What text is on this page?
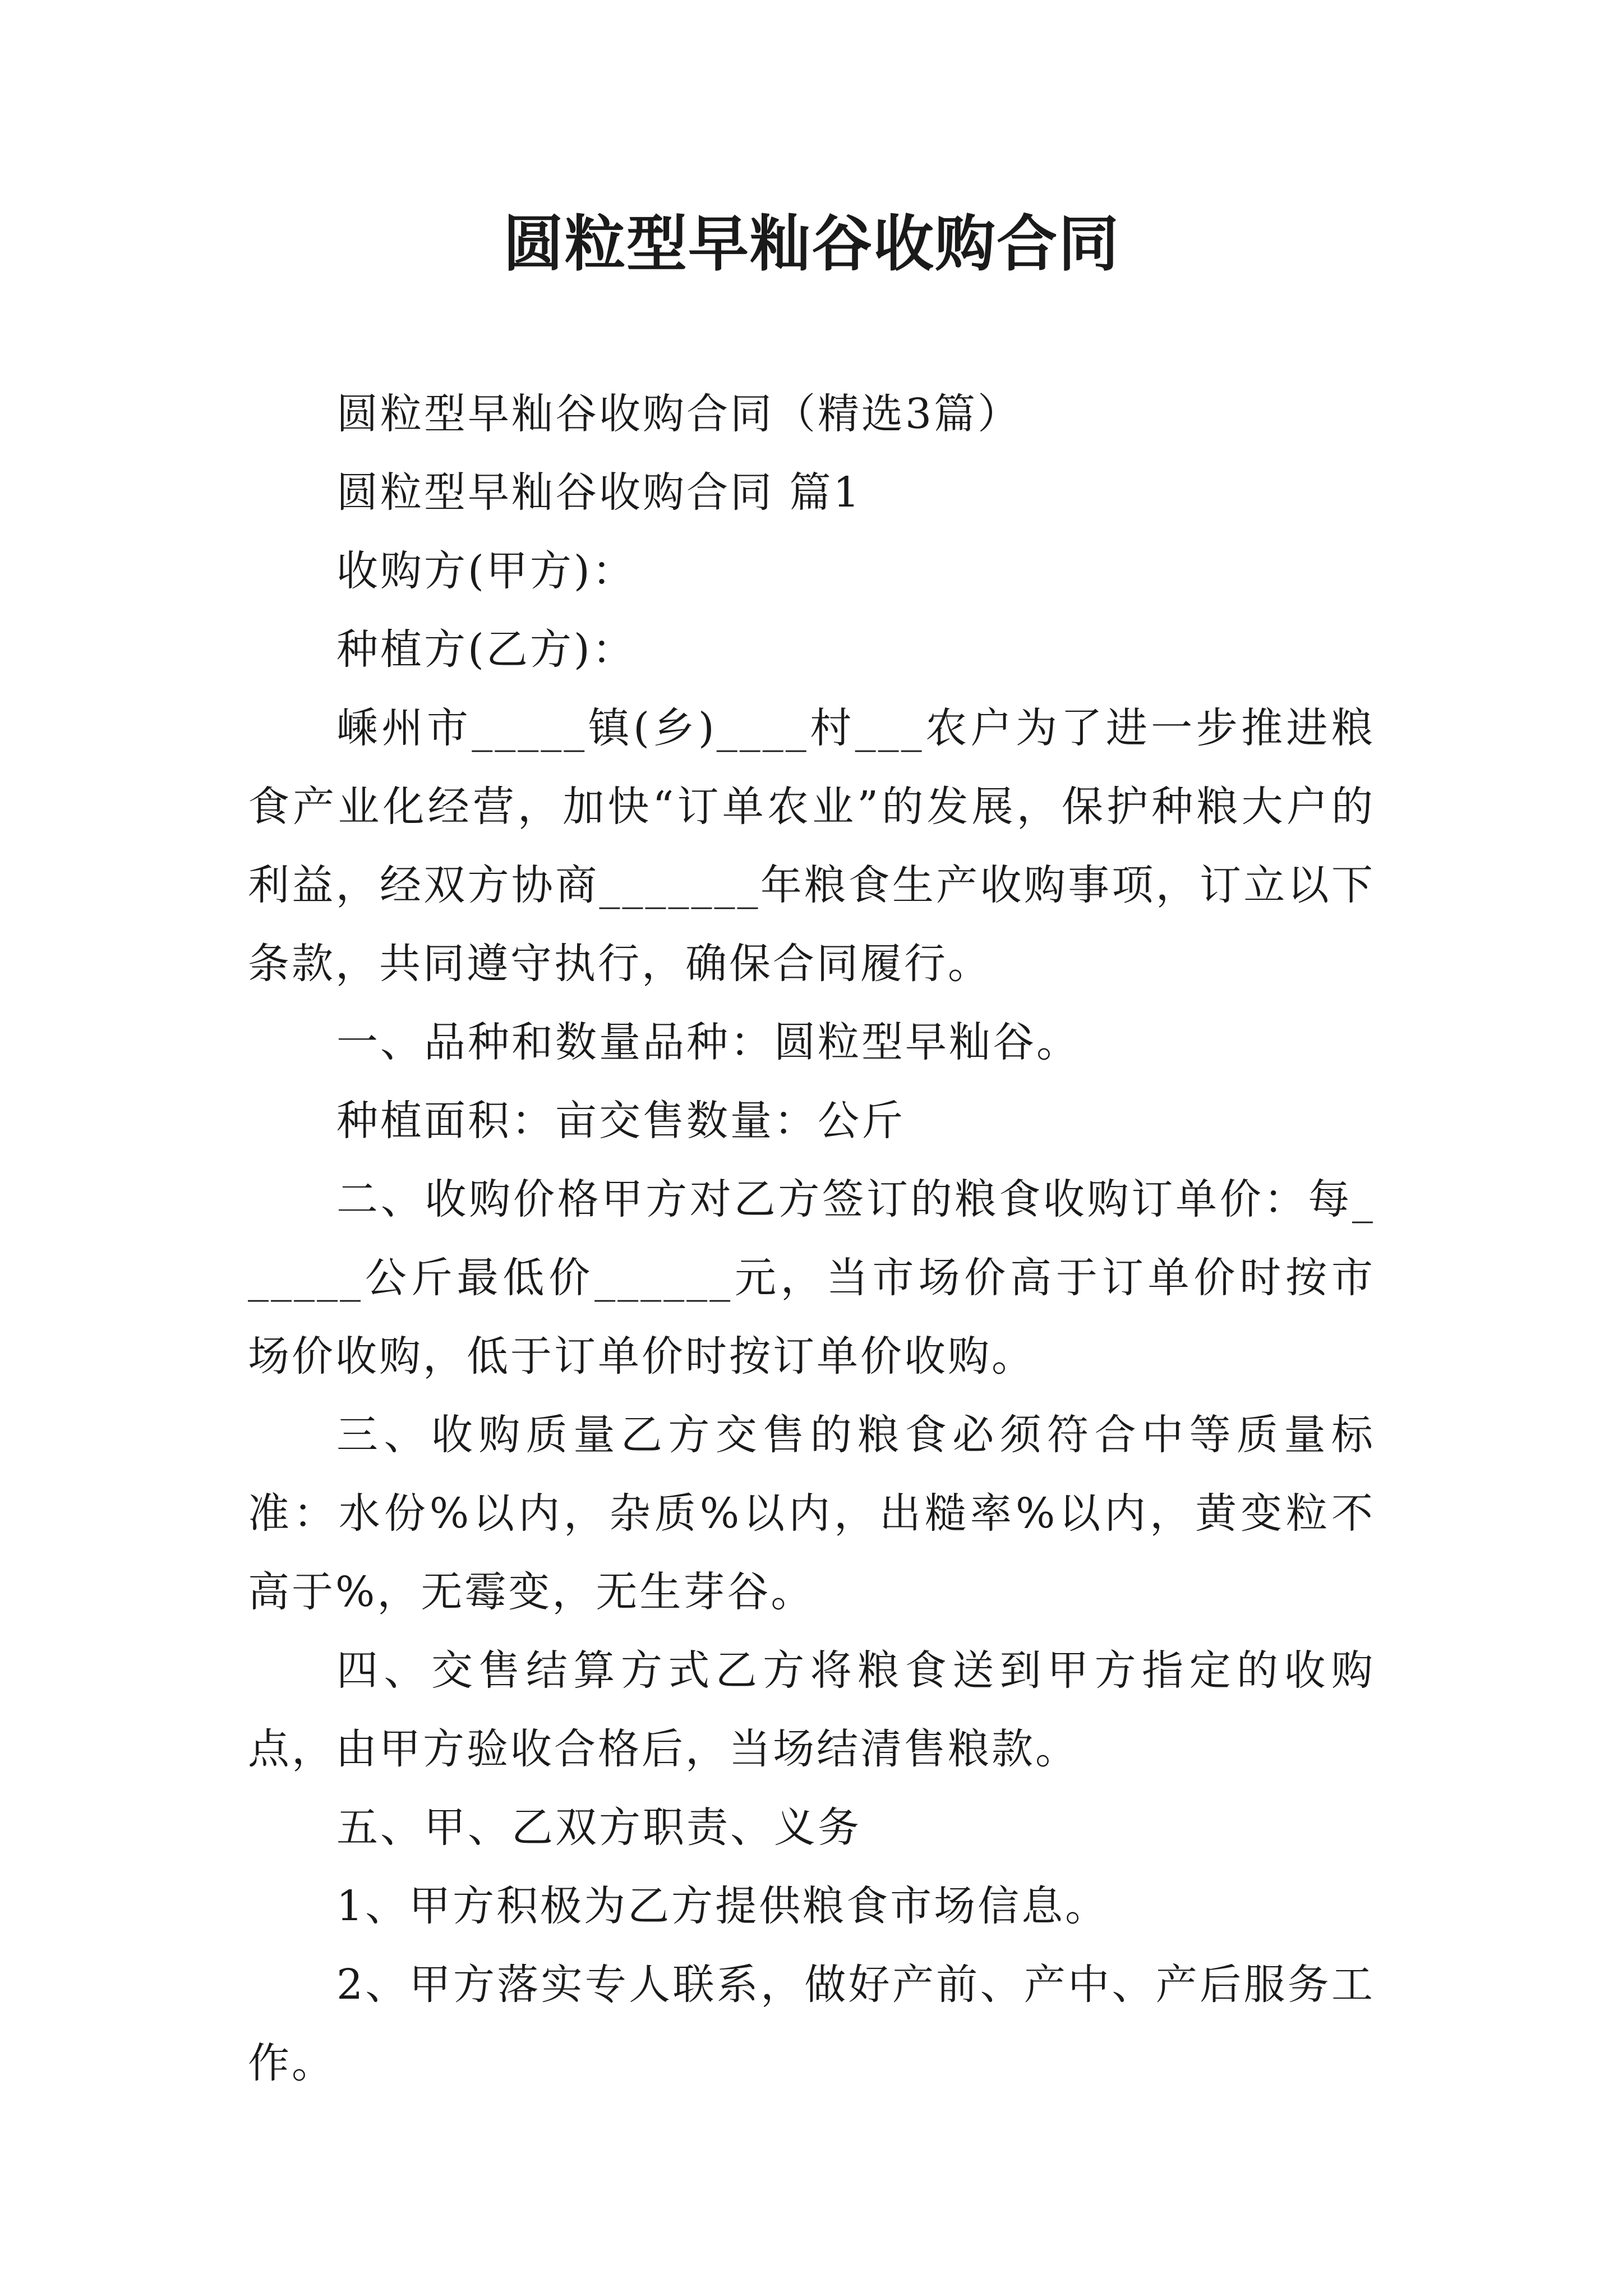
圆粒型早籼谷收购合同

圆粒型早籼谷收购合同（精选3篇）

圆粒型早籼谷收购合同 篇1

收购方(甲方)：

种植方(乙方)：

嵊州市_____镇(乡)____村___农户为了进一步推进粮食产业化经营，加快“订单农业”的发展，保护种粮大户的利益，经双方协商_______年粮食生产收购事项，订立以下条款，共同遵守执行，确保合同履行。

一、品种和数量品种：圆粒型早籼谷。

种植面积：亩交售数量：公斤

二、收购价格甲方对乙方签订的粮食收购订单价：每______公斤最低价______元，当市场价高于订单价时按市场价收购，低于订单价时按订单价收购。

三、收购质量乙方交售的粮食必须符合中等质量标准：水份%以内，杂质%以内，出糙率%以内，黄变粒不高于%，无霉变，无生芽谷。

四、交售结算方式乙方将粮食送到甲方指定的收购点，由甲方验收合格后，当场结清售粮款。

五、甲、乙双方职责、义务

1、甲方积极为乙方提供粮食市场信息。

2、甲方落实专人联系，做好产前、产中、产后服务工作。
